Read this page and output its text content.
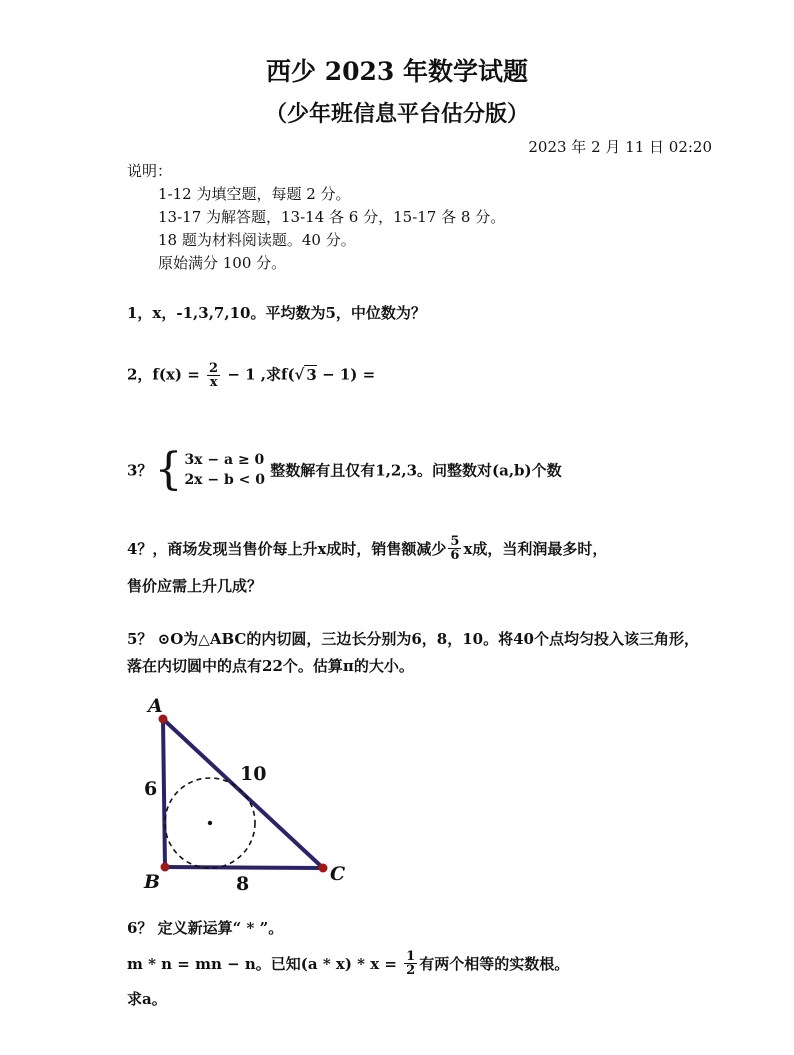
西少 2023 年数学试题
（少年班信息平台估分版）
2023 年 2 月 11 日 02:20
说明：
1-12 为填空题，每题 2 分。
13-17 为解答题，13-14 各 6 分，15-17 各 8 分。
18 题为材料阅读题。40 分。
原始满分 100 分。
1，x，-1,3,7,10。平均数为5，中位数为？
2，$f(x) = \frac{2}{x} - 1$ ,求f(√ 3 − 1) =
3？{ 3x − a ≥ 0
2x − b < 0
整数解有且仅有1,2,3。问整数对(a,b)个数
4？，商场发现当售价每上升x成时，销售额减少 $\frac{5}{6}$ x成，当利润最多时，
售价应需上升几成？
5？ ⊙O为△ABC的内切圆，三边长分别为6，8，10。将40个点均匀投入该三角形，
落在内切圆中的点有22个。估算π的大小。
A
B	C
6
8
10
6？ 定义新运算“ * ”。
m * n = mn − n。已知$(a * x) * x = \frac{1}{2}$ 有两个相等的实数根。
求a。
